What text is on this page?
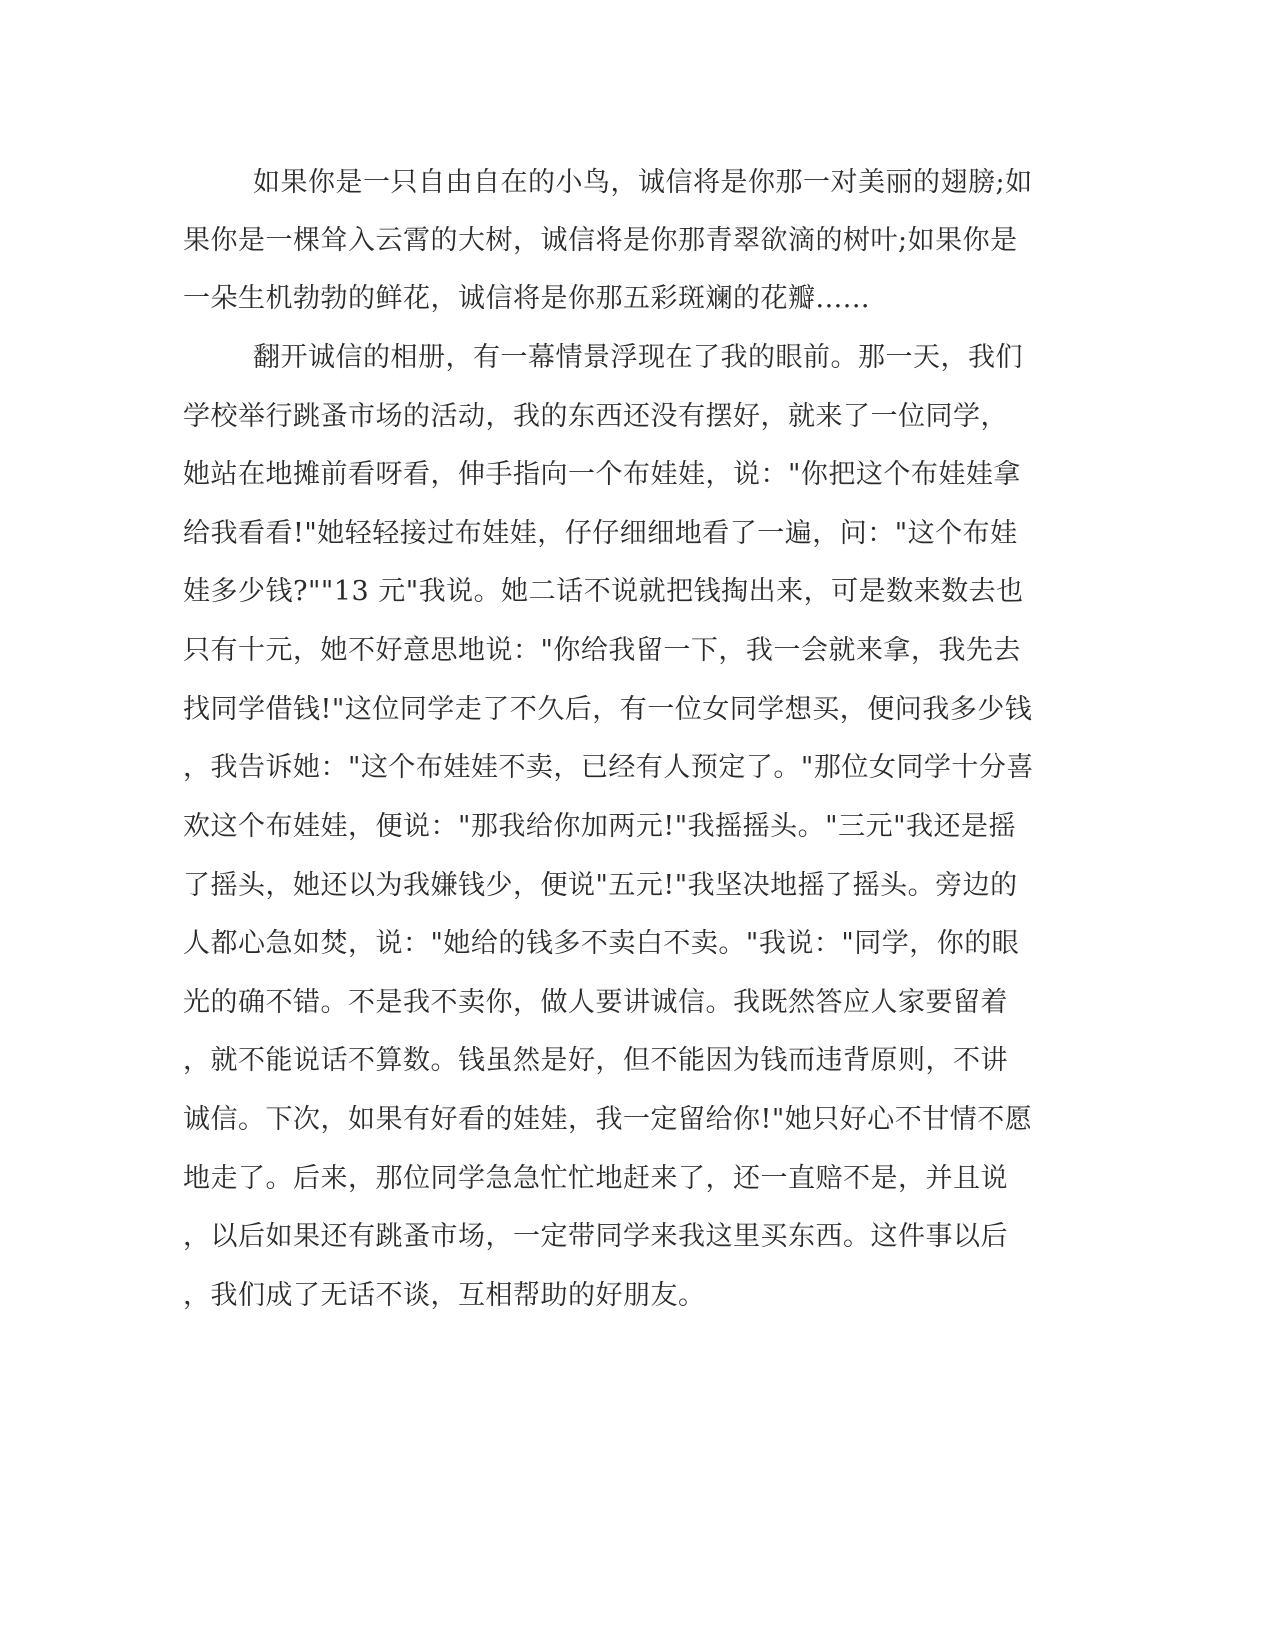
如果你是一只自由自在的小鸟，诚信将是你那一对美丽的翅膀;如
果你是一棵耸入云霄的大树，诚信将是你那青翠欲滴的树叶;如果你是
一朵生机勃勃的鲜花，诚信将是你那五彩斑斓的花瓣......
翻开诚信的相册，有一幕情景浮现在了我的眼前。那一天，我们
学校举行跳蚤市场的活动，我的东西还没有摆好，就来了一位同学，
她站在地摊前看呀看，伸手指向一个布娃娃，说："你把这个布娃娃拿
给我看看!"她轻轻接过布娃娃，仔仔细细地看了一遍，问："这个布娃
娃多少钱?""13 元"我说。她二话不说就把钱掏出来，可是数来数去也
只有十元，她不好意思地说："你给我留一下，我一会就来拿，我先去
找同学借钱!"这位同学走了不久后，有一位女同学想买，便问我多少钱
，我告诉她："这个布娃娃不卖，已经有人预定了。"那位女同学十分喜
欢这个布娃娃，便说："那我给你加两元!"我摇摇头。"三元"我还是摇
了摇头，她还以为我嫌钱少，便说"五元!"我坚决地摇了摇头。旁边的
人都心急如焚，说："她给的钱多不卖白不卖。"我说："同学，你的眼
光的确不错。不是我不卖你，做人要讲诚信。我既然答应人家要留着
，就不能说话不算数。钱虽然是好，但不能因为钱而违背原则，不讲
诚信。下次，如果有好看的娃娃，我一定留给你!"她只好心不甘情不愿
地走了。后来，那位同学急急忙忙地赶来了，还一直赔不是，并且说
，以后如果还有跳蚤市场，一定带同学来我这里买东西。这件事以后
，我们成了无话不谈，互相帮助的好朋友。
